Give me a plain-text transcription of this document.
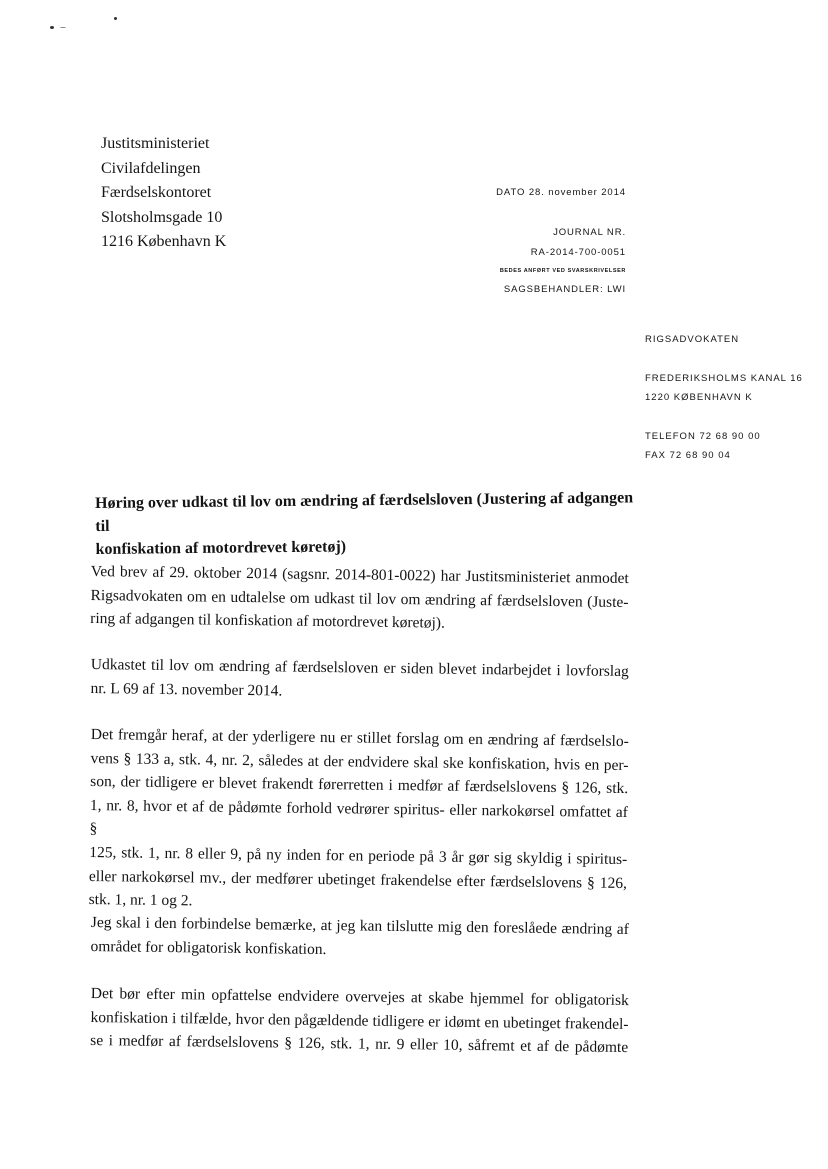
Justitsministeriet
Civilafdelingen
Færdselskontoret
Slotsholmsgade 10
1216 København K
DATO 28. november 2014
JOURNAL NR.
RA-2014-700-0051
BEDES ANFØRT VED SVARSKRIVELSER
SAGSBEHANDLER: LWI
RIGSADVOKATEN
FREDERIKSHOLMS KANAL 16
1220 KØBENHAVN K
TELEFON 72 68 90 00
FAX 72 68 90 04
Høring over udkast til lov om ændring af færdselsloven (Justering af adgangen til
konfiskation af motordrevet køretøj)
Ved brev af 29. oktober 2014 (sagsnr. 2014-801-0022) har Justitsministeriet anmodet
Rigsadvokaten om en udtalelse om udkast til lov om ændring af færdselsloven (Juste-
ring af adgangen til konfiskation af motordrevet køretøj).
Udkastet til lov om ændring af færdselsloven er siden blevet indarbejdet i lovforslag
nr. L 69 af 13. november 2014.
Det fremgår heraf, at der yderligere nu er stillet forslag om en ændring af færdselslo-
vens § 133 a, stk. 4, nr. 2, således at der endvidere skal ske konfiskation, hvis en per-
son, der tidligere er blevet frakendt førerretten i medfør af færdselslovens § 126, stk.
1, nr. 8, hvor et af de pådømte forhold vedrører spiritus- eller narkokørsel omfattet af §
125, stk. 1, nr. 8 eller 9, på ny inden for en periode på 3 år gør sig skyldig i spiritus-
eller narkokørsel mv., der medfører ubetinget frakendelse efter færdselslovens § 126,
stk. 1, nr. 1 og 2.
Jeg skal i den forbindelse bemærke, at jeg kan tilslutte mig den foreslåede ændring af
området for obligatorisk konfiskation.
Det bør efter min opfattelse endvidere overvejes at skabe hjemmel for obligatorisk
konfiskation i tilfælde, hvor den pågældende tidligere er idømt en ubetinget frakendel-
se i medfør af færdselslovens § 126, stk. 1, nr. 9 eller 10, såfremt et af de pådømte
